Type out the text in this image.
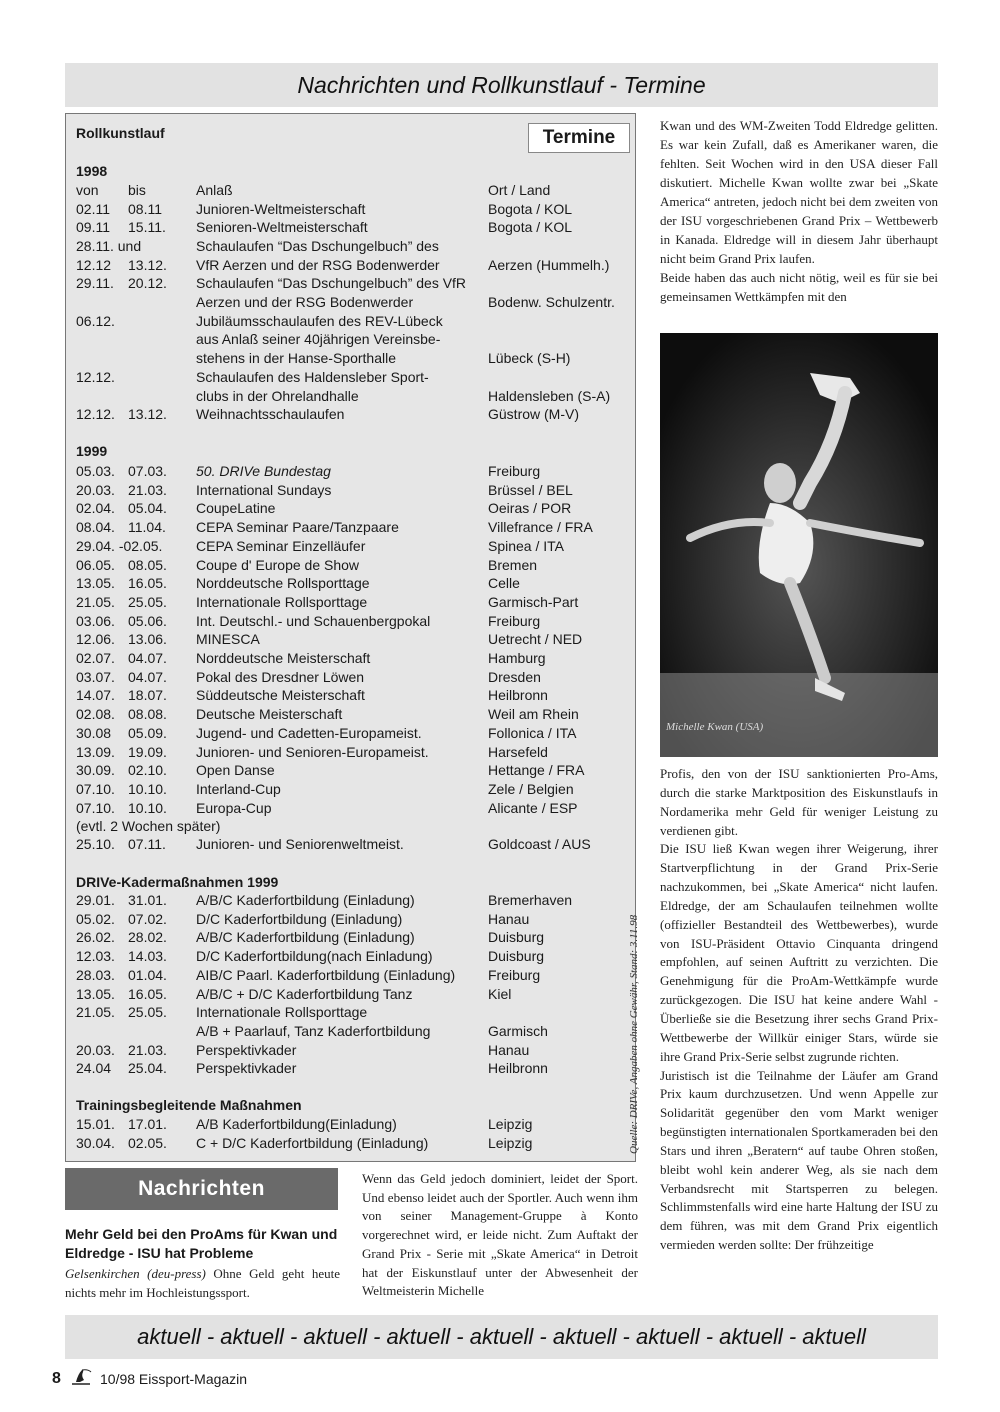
Nachrichten und Rollkunstlauf - Termine
Rollkunstlauf	Termine
1998
von bis	Anlaß	Ort / Land
02.11 08.11 Junioren-Weltmeisterschaft	Bogota / KOL
09.11 15.11. Senioren-Weltmeisterschaft	Bogota / KOL
28.11. und	Schaulaufen “Das Dschungelbuch” des
12.12 13.12. VfR Aerzen und der RSG Bodenwerder	Aerzen (Hummelh.)
29.11. 20.12. Schaulaufen “Das Dschungelbuch” des VfR
Aerzen und der RSG Bodenwerder	Bodenw. Schulzentr.
06.12.	Jubiläumsschaulaufen des REV-Lübeck
aus Anlaß seiner 40jährigen Vereinsbe-
stehens in der Hanse-Sporthalle	Lübeck (S-H)
12.12.	Schaulaufen des Haldensleber Sport-
clubs in der Ohrelandhalle	Haldensleben (S-A)
12.12. 13.12. Weihnachtsschaulaufen	Güstrow (M-V)
1999
05.03. 07.03. 50. DRIVe Bundestag	Freiburg
20.03. 21.03. International Sundays	Brüssel / BEL
02.04. 05.04. CoupeLatine	Oeiras / POR
08.04. 11.04. CEPA Seminar Paare/Tanzpaare	Villefrance / FRA
29.04. -02.05. CEPA Seminar Einzelläufer	Spinea / ITA
06.05. 08.05. Coupe d' Europe de Show	Bremen
13.05. 16.05. Norddeutsche Rollsporttage	Celle
21.05. 25.05. Internationale Rollsporttage	Garmisch-Part
03.06. 05.06. Int. Deutschl.- und Schauenbergpokal	Freiburg
12.06. 13.06. MINESCA	Uetrecht / NED
02.07. 04.07. Norddeutsche Meisterschaft	Hamburg
03.07. 04.07. Pokal des Dresdner Löwen	Dresden
14.07. 18.07. Süddeutsche Meisterschaft	Heilbronn
02.08. 08.08. Deutsche Meisterschaft	Weil am Rhein
30.08 05.09. Jugend- und Cadetten-Europameist.	Follonica / ITA
13.09. 19.09. Junioren- und Senioren-Europameist.	Harsefeld
30.09. 02.10. Open Danse	Hettange / FRA
07.10. 10.10. Interland-Cup	Zele / Belgien
07.10. 10.10. Europa-Cup	Alicante / ESP
(evtl. 2 Wochen später)
25.10. 07.11. Junioren- und Seniorenweltmeist.	Goldcoast / AUS
DRIVe-Kadermaßnahmen 1999
29.01. 31.01. A/B/C Kaderfortbildung (Einladung)	Bremerhaven
05.02. 07.02. D/C Kaderfortbildung (Einladung)	Hanau
26.02. 28.02. A/B/C Kaderfortbildung (Einladung)	Duisburg
12.03. 14.03. D/C Kaderfortbildung(nach Einladung)	Duisburg
28.03. 01.04. AIB/C Paarl. Kaderfortbildung (Einladung) Freiburg
13.05. 16.05. A/B/C + D/C Kaderfortbildung Tanz	Kiel
21.05. 25.05. Internationale Rollsporttage
A/B + Paarlauf, Tanz Kaderfortbildung	Garmisch
20.03. 21.03. Perspektivkader	Hanau
24.04 25.04. Perspektivkader	Heilbronn
Trainingsbegleitende Maßnahmen
15.01. 17.01. A/B Kaderfortbildung(Einladung)	Leipzig
30.04. 02.05. C + D/C Kaderfortbildung (Einladung)	Leipzig	Quelle: DRIVe, Angaben ohne Gewähr, Stand: 3.11.98
Kwan und des WM-Zweiten Todd Eldredge gelitten. Es war kein Zufall, daß es Amerikaner waren, die fehlten. Seit Wochen wird in den USA dieser Fall diskutiert. Michelle Kwan wollte zwar bei „Skate America“ antreten, jedoch nicht bei dem zweiten von der ISU vorgeschriebenen Grand Prix – Wettbewerb in Kanada. Eldredge will in diesem Jahr überhaupt nicht beim Grand Prix laufen.
Beide haben das auch nicht nötig, weil es für sie bei gemeinsamen Wettkämpfen mit den
Michelle Kwan (USA)
Profis, den von der ISU sanktionierten Pro-Ams, durch die starke Marktposition des Eiskunstlaufs in Nordamerika mehr Geld für weniger Leistung zu verdienen gibt.
Die ISU ließ Kwan wegen ihrer Weigerung, ihrer Startverpflichtung in der Grand Prix-Serie nachzukommen, bei „Skate America“ nicht laufen. Eldredge, der am Schaulaufen teilnehmen wollte (offizieller Bestandteil des Wettbewerbes), wurde von ISU-Präsident Ottavio Cinquanta dringend empfohlen, auf seinen Auftritt zu verzichten. Die Genehmigung für die ProAm-Wettkämpfe wurde zurückgezogen. Die ISU hat keine andere Wahl - Überließe sie die Besetzung ihrer sechs Grand Prix-Wettbewerbe der Willkür einiger Stars, würde sie ihre Grand Prix-Serie selbst zugrunde richten.
Juristisch ist die Teilnahme der Läufer am Grand Prix kaum durchzusetzen. Und wenn Appelle zur Solidarität gegenüber den vom Markt weniger begünstigten internationalen Sportkameraden bei den Stars und ihren „Beratern“ auf taube Ohren stoßen, bleibt wohl kein anderer Weg, als sie nach dem Verbandsrecht mit Startsperren zu belegen. Schlimmstenfalls wird eine harte Haltung der ISU zu dem führen, was mit dem Grand Prix eigentlich vermieden werden sollte: Der frühzeitige
Nachrichten
Mehr Geld bei den ProAms für Kwan und Eldredge - ISU hat Probleme
Gelsenkirchen (deu-press) Ohne Geld geht heute nichts mehr im Hochleistungssport.
Wenn das Geld jedoch dominiert, leidet der Sport. Und ebenso leidet auch der Sportler. Auch wenn ihm von seiner Management-Gruppe à Konto vorgerechnet wird, er leide nicht. Zum Auftakt der Grand Prix - Serie mit „Skate America“ in Detroit hat der Eiskunstlauf unter der Abwesenheit der Weltmeisterin Michelle
aktuell - aktuell - aktuell - aktuell - aktuell - aktuell - aktuell - aktuell - aktuell
8	10/98 Eissport-Magazin
